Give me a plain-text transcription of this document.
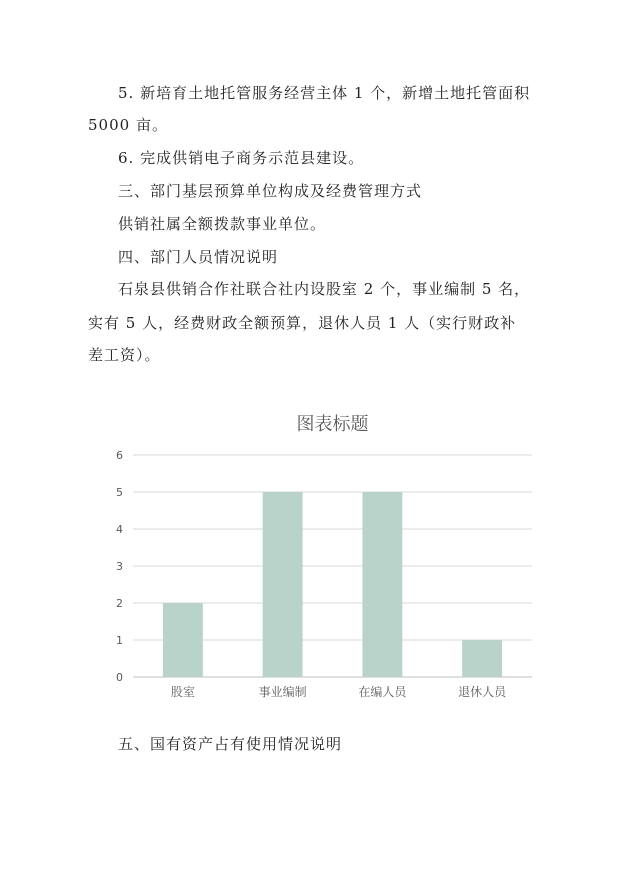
5. 新培育土地托管服务经营主体 1 个，新增土地托管面积
5000 亩。
6. 完成供销电子商务示范县建设。
三、部门基层预算单位构成及经费管理方式
供销社属全额拨款事业单位。
四、部门人员情况说明
石泉县供销合作社联合社内设股室 2 个，事业编制 5 名，
实有 5 人，经费财政全额预算，退休人员 1 人（实行财政补
差工资）。
图表标题
0
1
2
3
4
5
6
股室	事业编制	在编人员	退休人员
五、国有资产占有使用情况说明
